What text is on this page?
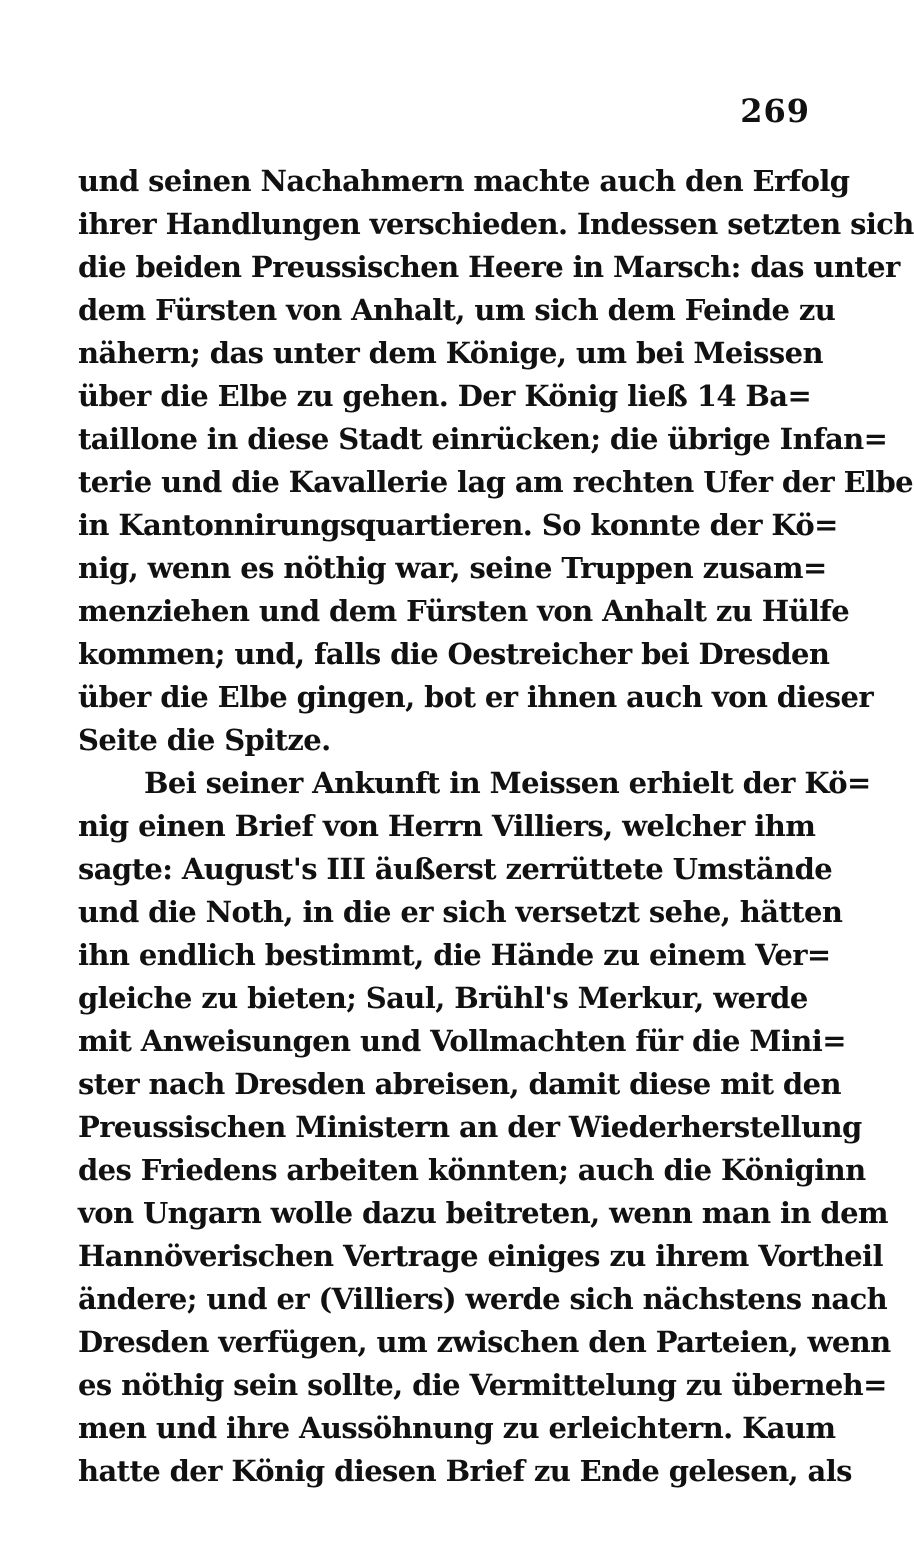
269
und seinen Nachahmern machte auch den Erfolg
ihrer Handlungen verschieden. Indessen setzten sich
die beiden Preussischen Heere in Marsch: das unter
dem Fürsten von Anhalt, um sich dem Feinde zu
nähern; das unter dem Könige, um bei Meissen
über die Elbe zu gehen. Der König ließ 14 Ba=
taillone in diese Stadt einrücken; die übrige Infan=
terie und die Kavallerie lag am rechten Ufer der Elbe
in Kantonnirungsquartieren. So konnte der Kö=
nig, wenn es nöthig war, seine Truppen zusam=
menziehen und dem Fürsten von Anhalt zu Hülfe
kommen; und, falls die Oestreicher bei Dresden
über die Elbe gingen, bot er ihnen auch von dieser
Seite die Spitze.
Bei seiner Ankunft in Meissen erhielt der Kö=
nig einen Brief von Herrn Villiers, welcher ihm
sagte: August's III äußerst zerrüttete Umstände
und die Noth, in die er sich versetzt sehe, hätten
ihn endlich bestimmt, die Hände zu einem Ver=
gleiche zu bieten; Saul, Brühl's Merkur, werde
mit Anweisungen und Vollmachten für die Mini=
ster nach Dresden abreisen, damit diese mit den
Preussischen Ministern an der Wiederherstellung
des Friedens arbeiten könnten; auch die Königinn
von Ungarn wolle dazu beitreten, wenn man in dem
Hannöverischen Vertrage einiges zu ihrem Vortheil
ändere; und er (Villiers) werde sich nächstens nach
Dresden verfügen, um zwischen den Parteien, wenn
es nöthig sein sollte, die Vermittelung zu überneh=
men und ihre Aussöhnung zu erleichtern. Kaum
hatte der König diesen Brief zu Ende gelesen, als
